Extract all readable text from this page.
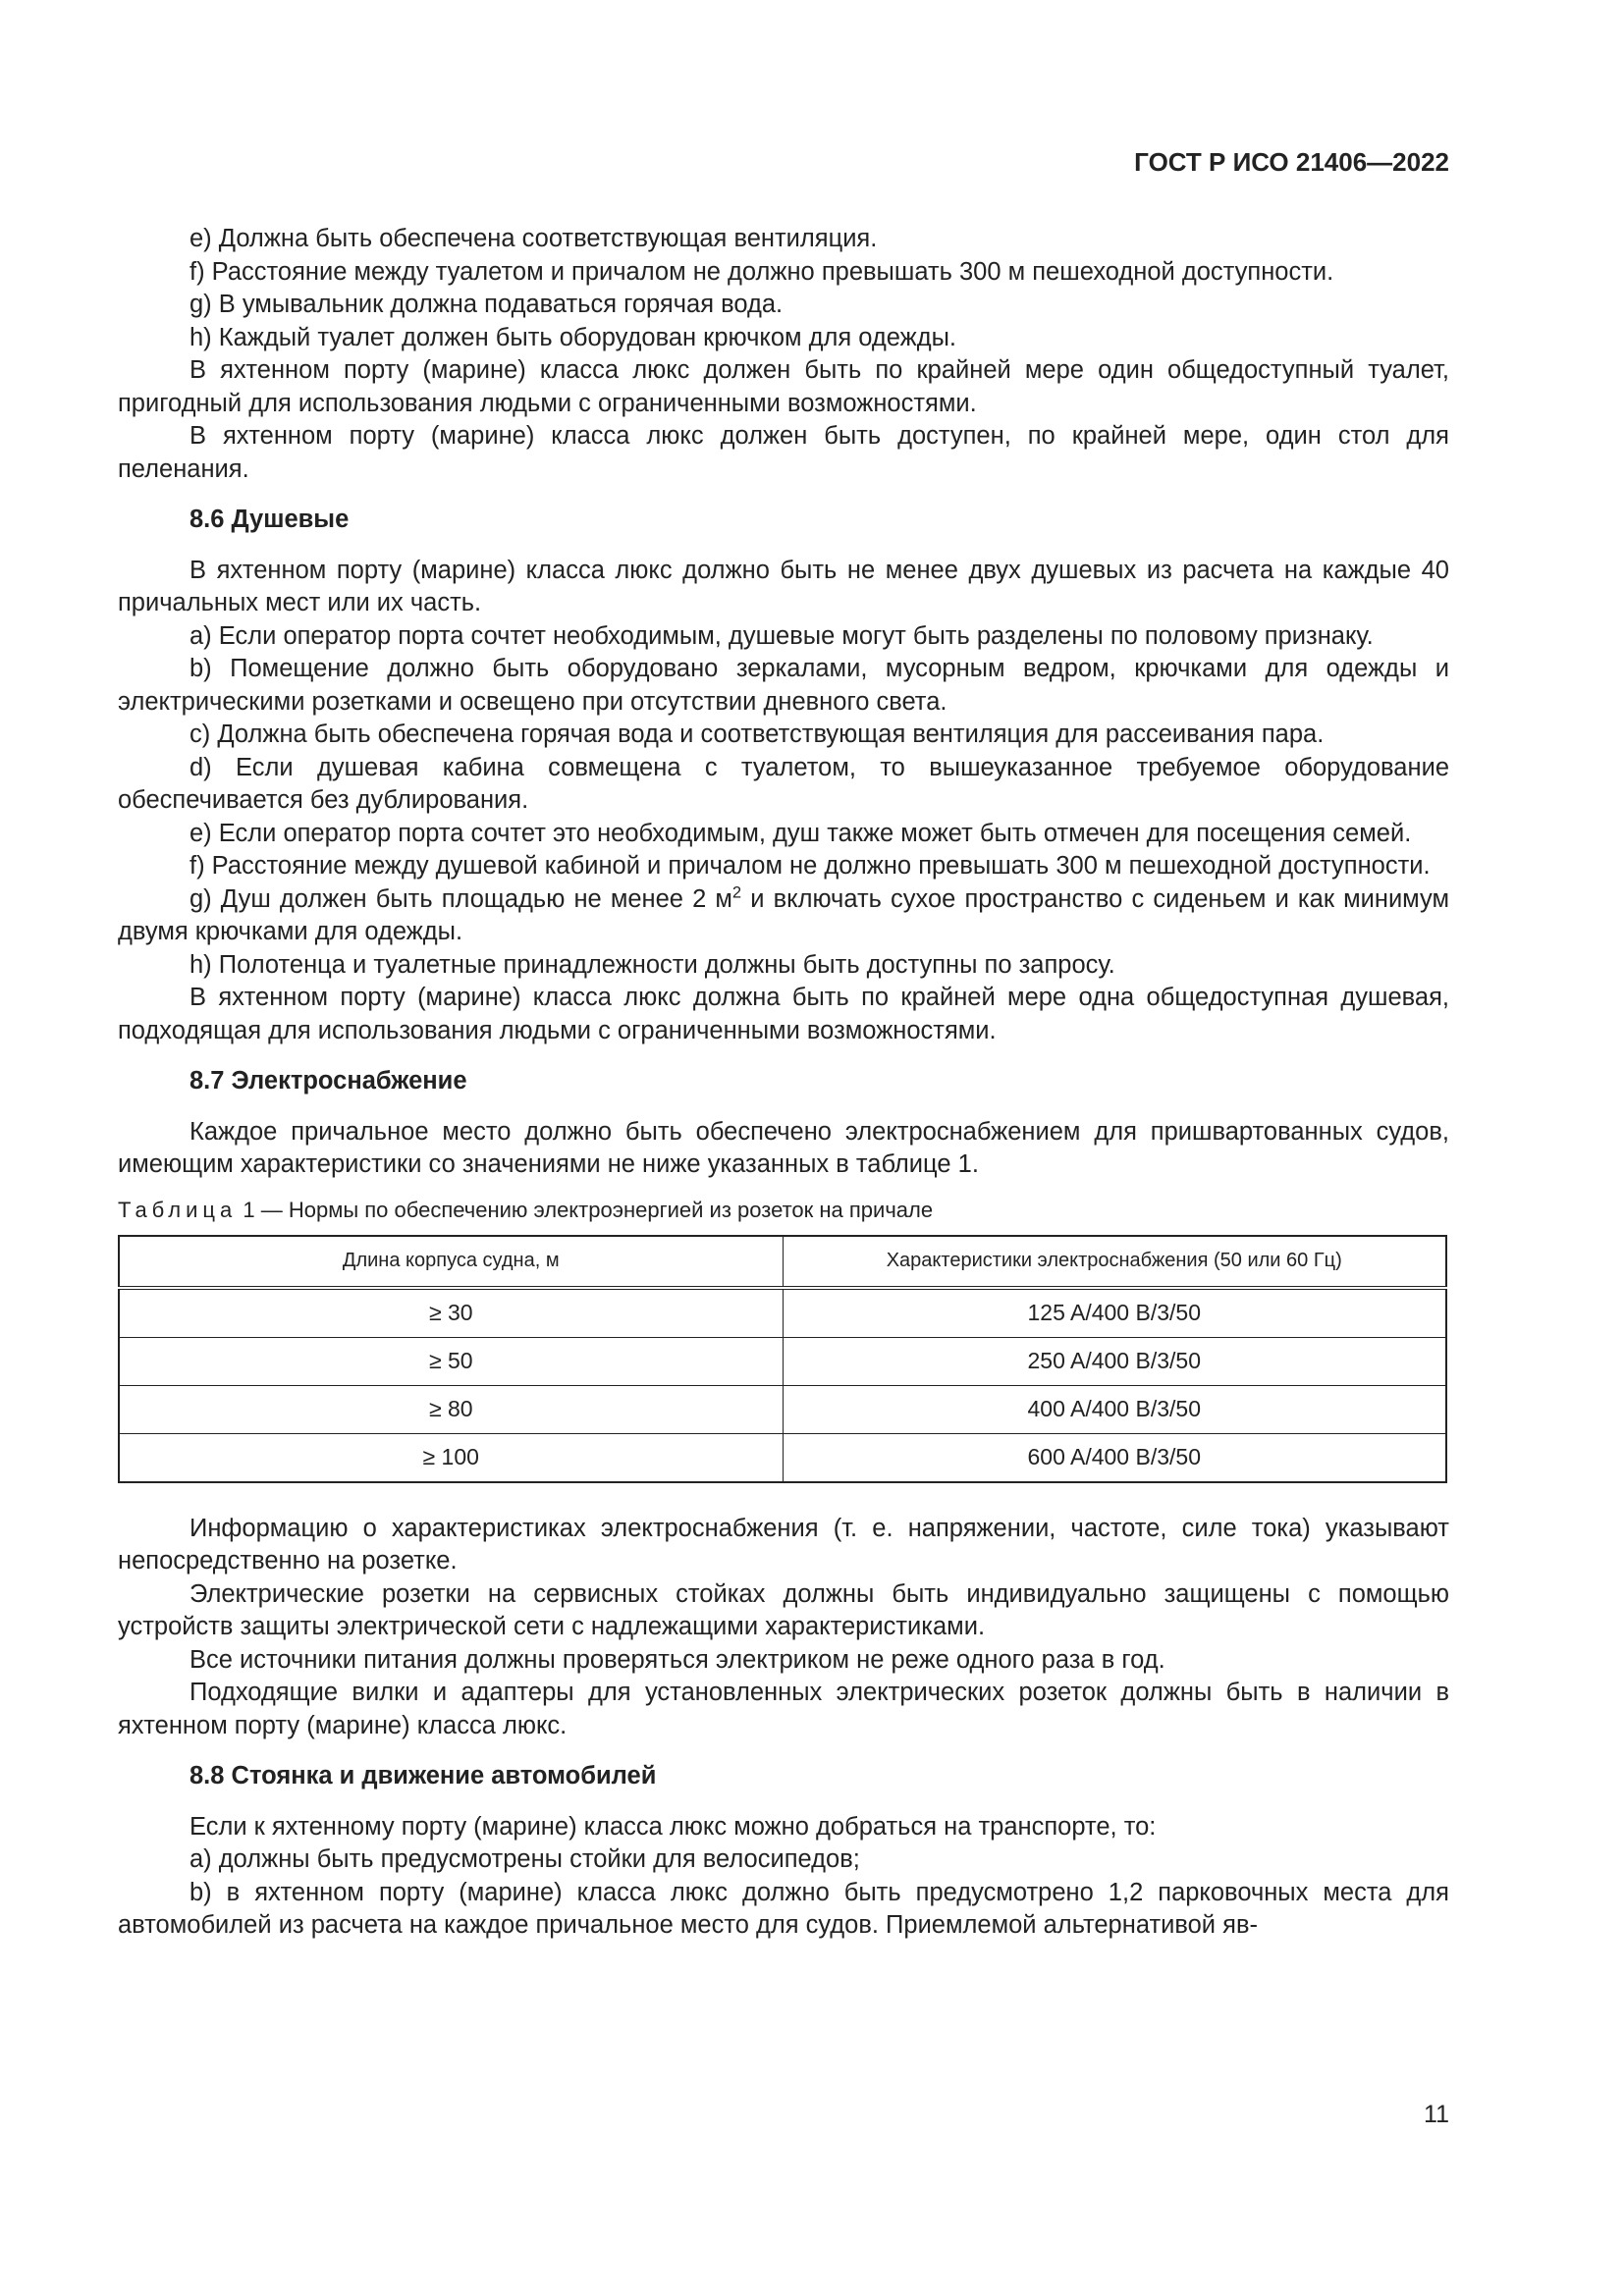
ГОСТ Р ИСО 21406—2022

e) Должна быть обеспечена соответствующая вентиляция.

f) Расстояние между туалетом и причалом не должно превышать 300 м пешеходной доступности.

g) В умывальник должна подаваться горячая вода.

h) Каждый туалет должен быть оборудован крючком для одежды.

В яхтенном порту (марине) класса люкс должен быть по крайней мере один общедоступный туалет, пригодный для использования людьми с ограниченными возможностями.

В яхтенном порту (марине) класса люкс должен быть доступен, по крайней мере, один стол для пеленания.

8.6 Душевые

В яхтенном порту (марине) класса люкс должно быть не менее двух душевых из расчета на каждые 40 причальных мест или их часть.

a) Если оператор порта сочтет необходимым, душевые могут быть разделены по половому признаку.

b) Помещение должно быть оборудовано зеркалами, мусорным ведром, крючками для одежды и электрическими розетками и освещено при отсутствии дневного света.

c) Должна быть обеспечена горячая вода и соответствующая вентиляция для рассеивания пара.

d) Если душевая кабина совмещена с туалетом, то вышеуказанное требуемое оборудование обеспечивается без дублирования.

e) Если оператор порта сочтет это необходимым, душ также может быть отмечен для посещения семей.

f) Расстояние между душевой кабиной и причалом не должно превышать 300 м пешеходной доступности.

g) Душ должен быть площадью не менее 2 $м^2$ и включать сухое пространство с сиденьем и как минимум двумя крючками для одежды.

h) Полотенца и туалетные принадлежности должны быть доступны по запросу.

В яхтенном порту (марине) класса люкс должна быть по крайней мере одна общедоступная душевая, подходящая для использования людьми с ограниченными возможностями.

8.7 Электроснабжение

Каждое причальное место должно быть обеспечено электроснабжением для пришвартованных судов, имеющим характеристики со значениями не ниже указанных в таблице 1.

Таблица 1 — Нормы по обеспечению электроэнергией из розеток на причале
Длина корпуса судна, м	Характеристики электроснабжения (50 или 60 Гц)
≥ 30	125 A/400 B/3/50
≥ 50	250 A/400 B/3/50
≥ 80	400 A/400 B/3/50
≥ 100	600 A/400 B/3/50

Информацию о характеристиках электроснабжения (т. е. напряжении, частоте, силе тока) указывают непосредственно на розетке.

Электрические розетки на сервисных стойках должны быть индивидуально защищены с помощью устройств защиты электрической сети с надлежащими характеристиками.

Все источники питания должны проверяться электриком не реже одного раза в год.

Подходящие вилки и адаптеры для установленных электрических розеток должны быть в наличии в яхтенном порту (марине) класса люкс.

8.8 Стоянка и движение автомобилей

Если к яхтенному порту (марине) класса люкс можно добраться на транспорте, то:

a) должны быть предусмотрены стойки для велосипедов;

b) в яхтенном порту (марине) класса люкс должно быть предусмотрено 1,2 парковочных места для автомобилей из расчета на каждое причальное место для судов. Приемлемой альтернативой яв-

11
